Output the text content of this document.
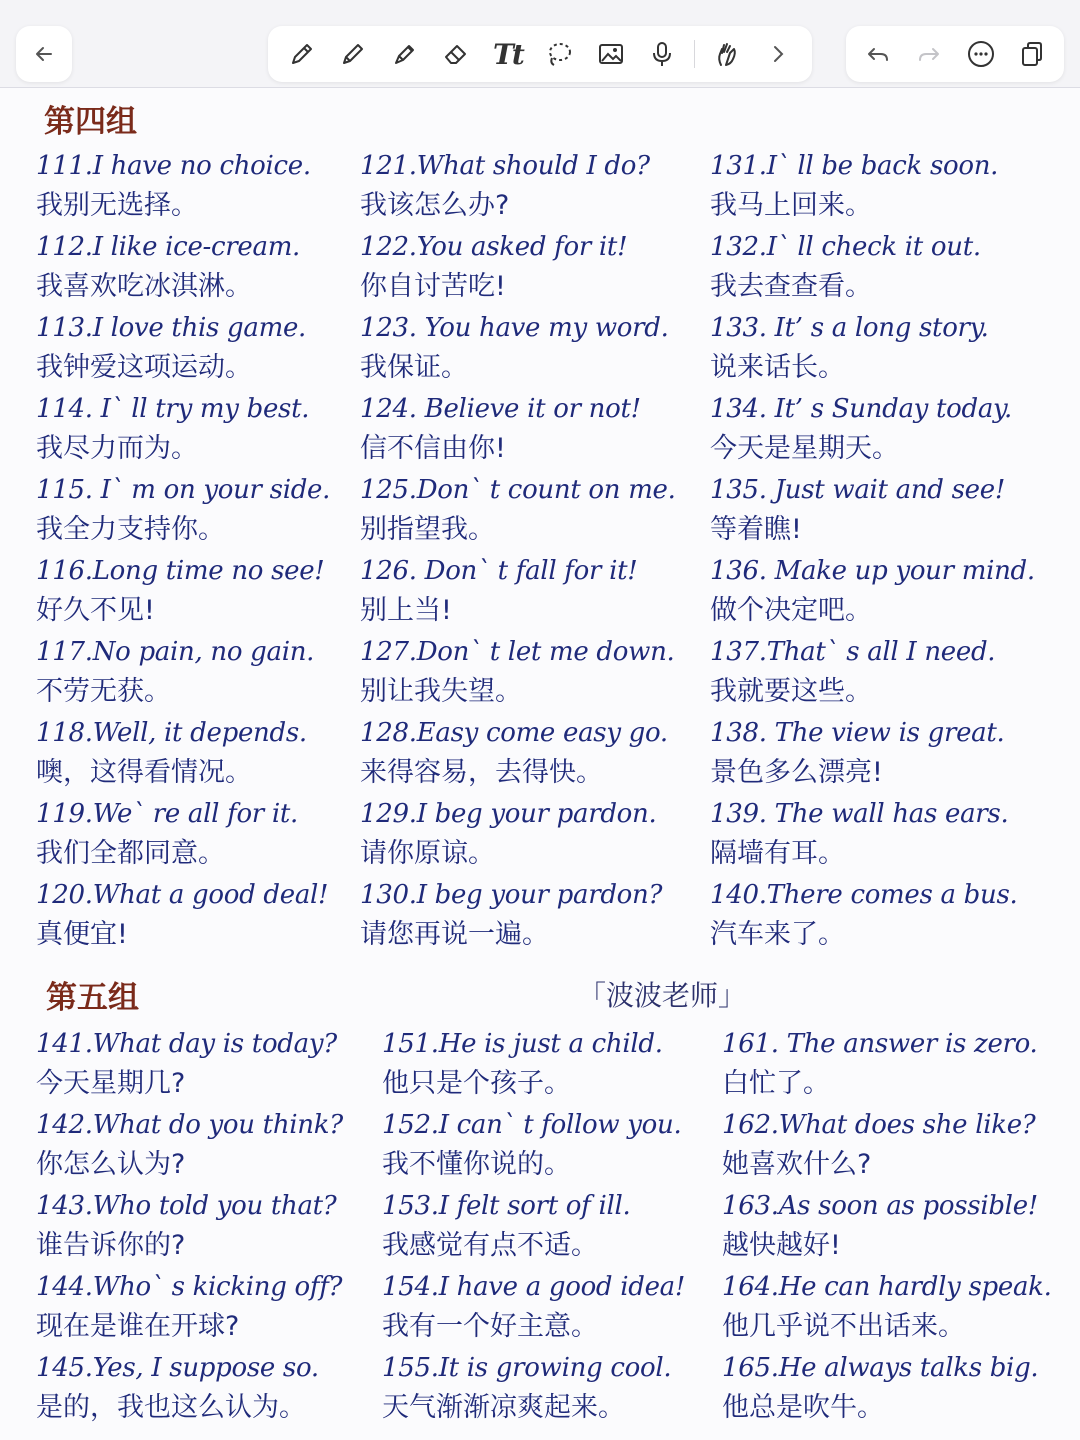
Tt
第四组
111.I have no choice.
我别无选择。
112.I like ice-cream.
我喜欢吃冰淇淋。
113.I love this game.
我钟爱这项运动。
114. I` ll try my best.
我尽力而为。
115. I` m on your side.
我全力支持你。
116.Long time no see!
好久不见!
117.No pain, no gain.
不劳无获。
118.Well, it depends.
噢，这得看情况。
119.We` re all for it.
我们全都同意。
120.What a good deal!
真便宜!
121.What should I do?
我该怎么办?
122.You asked for it!
你自讨苦吃!
123. You have my word.
我保证。
124. Believe it or not!
信不信由你!
125.Don` t count on me.
别指望我。
126. Don` t fall for it!
别上当!
127.Don` t let me down.
别让我失望。
128.Easy come easy go.
来得容易，去得快。
129.I beg your pardon.
请你原谅。
130.I beg your pardon?
请您再说一遍。
131.I` ll be back soon.
我马上回来。
132.I` ll check it out.
我去查查看。
133. It’ s a long story.
说来话长。
134. It’ s Sunday today.
今天是星期天。
135. Just wait and see!
等着瞧!
136. Make up your mind.
做个决定吧。
137.That` s all I need.
我就要这些。
138. The view is great.
景色多么漂亮!
139. The wall has ears.
隔墙有耳。
140.There comes a bus.
汽车来了。
第五组	「波波老师」
141.What day is today?
今天星期几?
142.What do you think?
你怎么认为?
143.Who told you that?
谁告诉你的?
144.Who` s kicking off?
现在是谁在开球?
145.Yes, I suppose so.
是的，我也这么认为。
151.He is just a child.
他只是个孩子。
152.I can` t follow you.
我不懂你说的。
153.I felt sort of ill.
我感觉有点不适。
154.I have a good idea!
我有一个好主意。
155.It is growing cool.
天气渐渐凉爽起来。
161. The answer is zero.
白忙了。
162.What does she like?
她喜欢什么?
163.As soon as possible!
越快越好!
164.He can hardly speak.
他几乎说不出话来。
165.He always talks big.
他总是吹牛。
